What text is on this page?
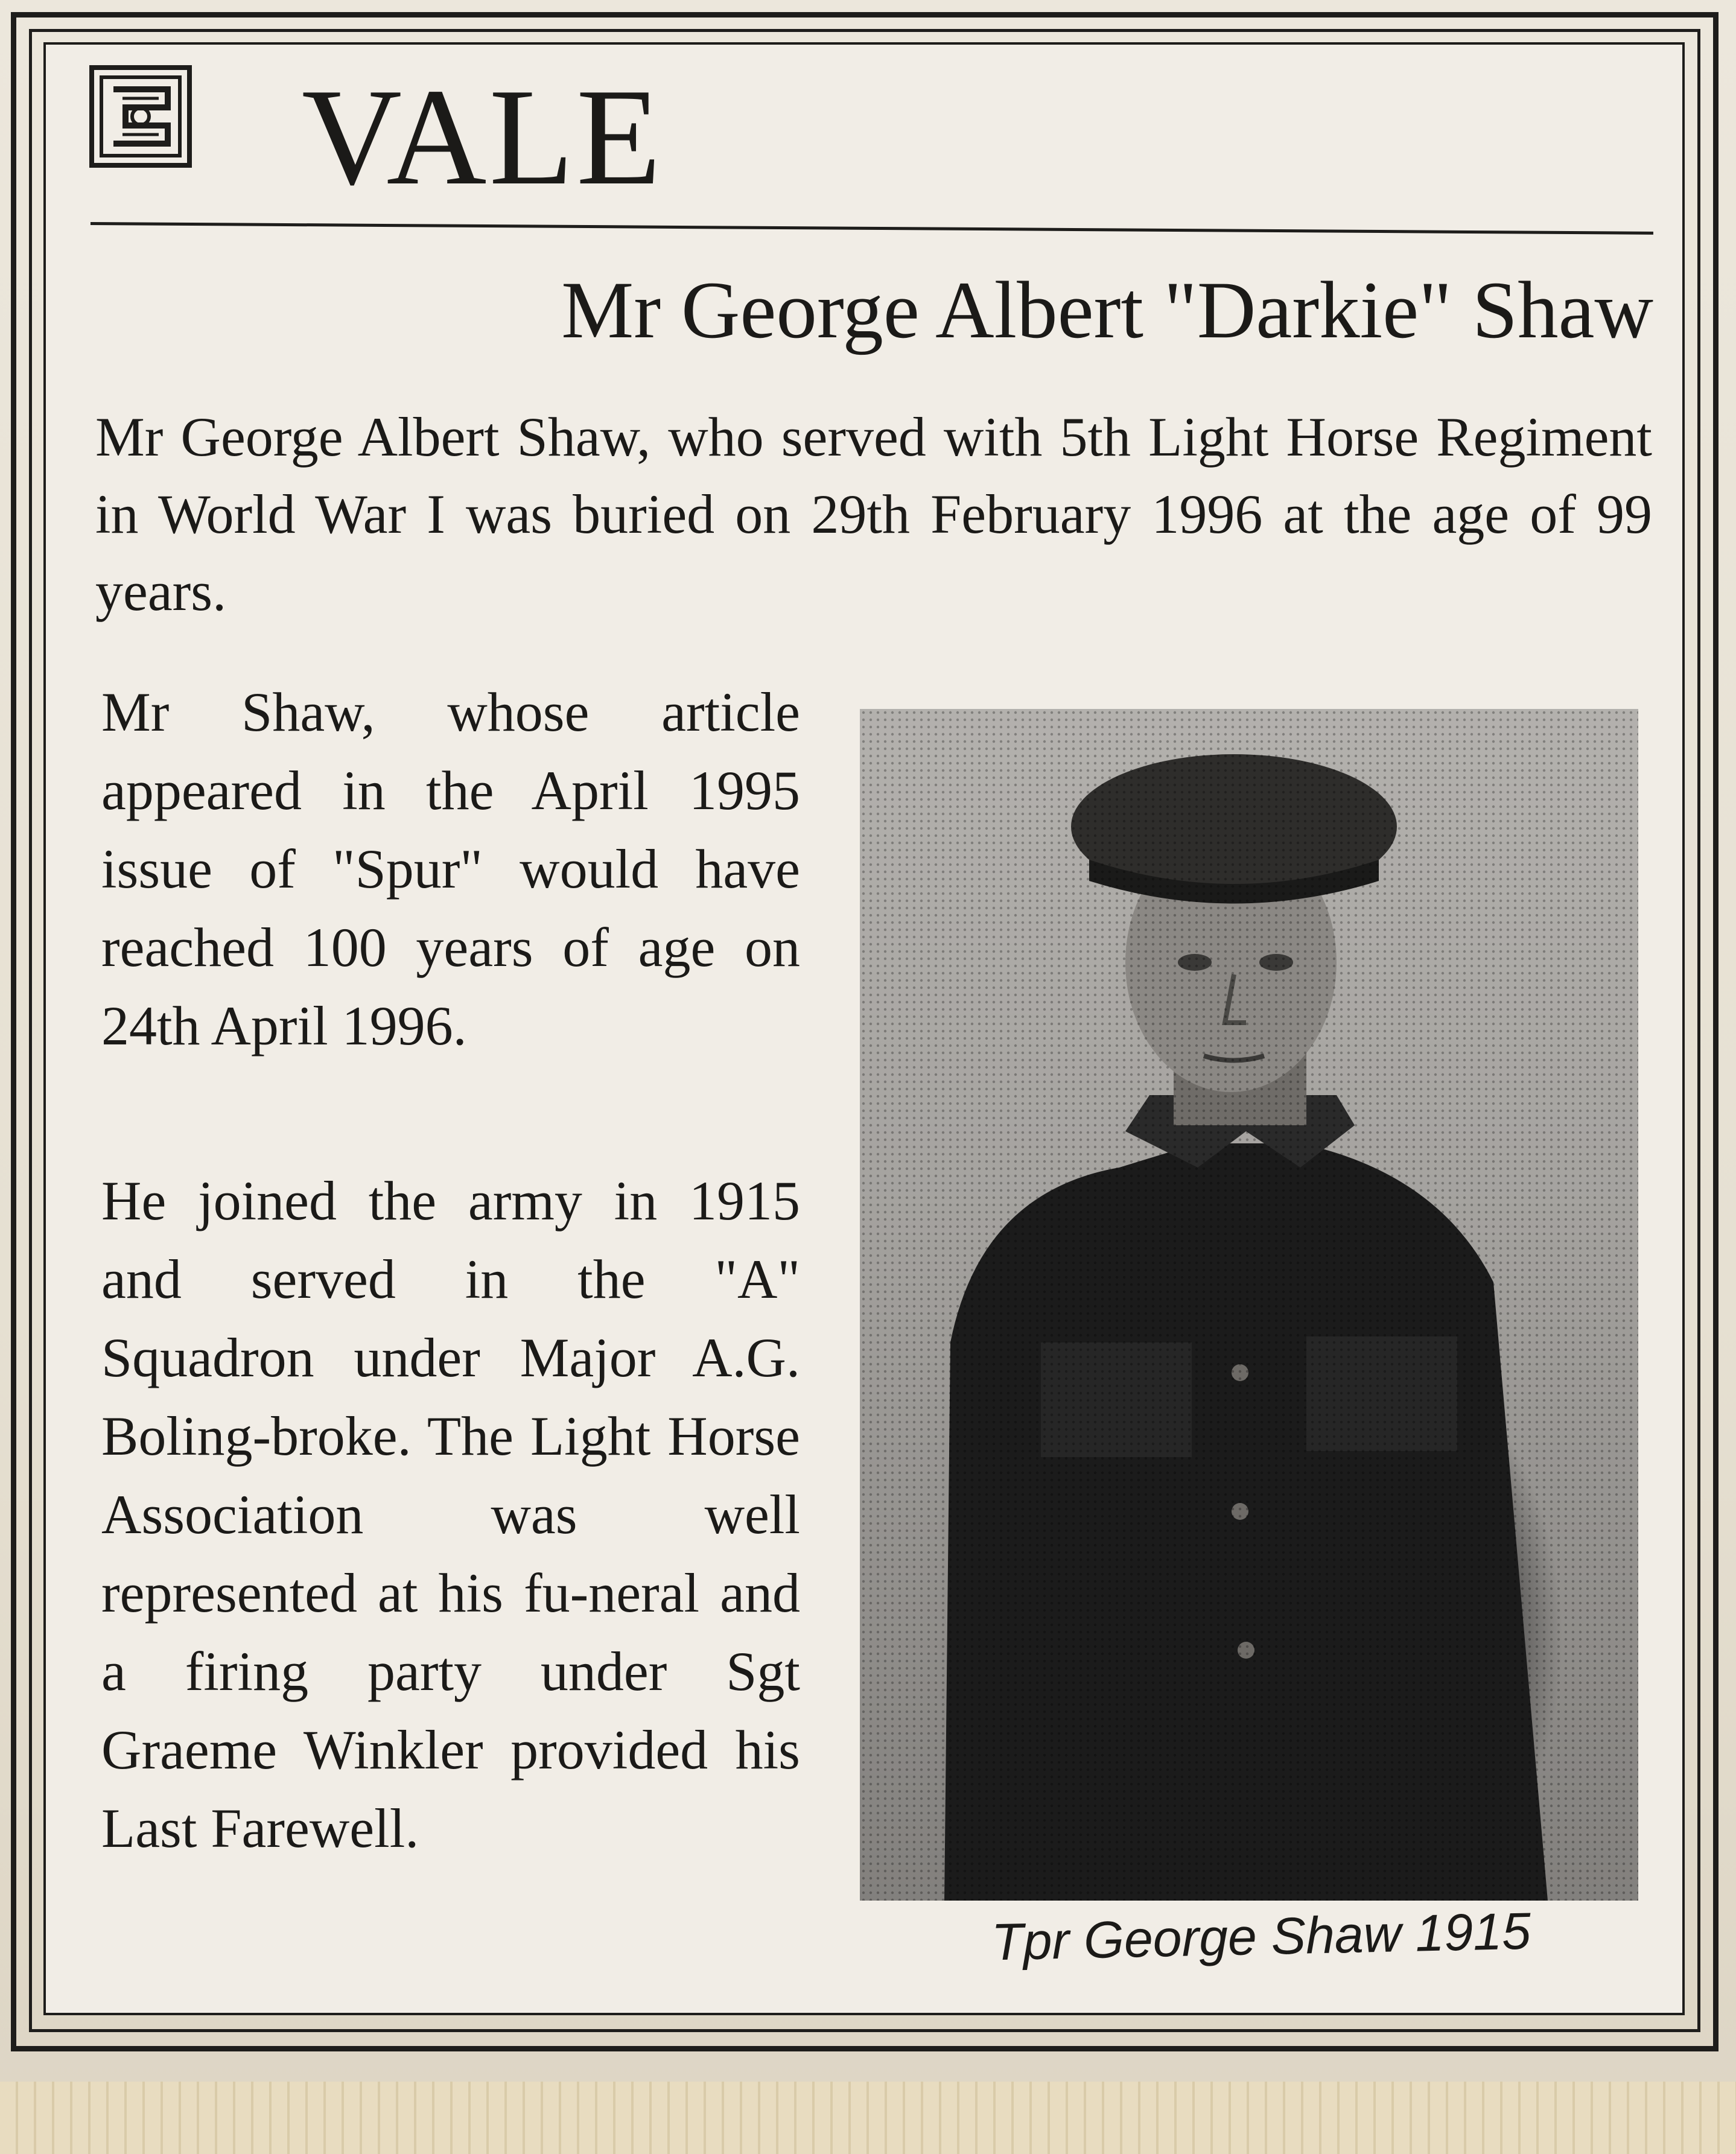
VALE
Mr George Albert "Darkie" Shaw
Mr George Albert Shaw, who served with 5th Light Horse Regiment in World War I was buried on 29th February 1996 at the age of 99 years.
Mr Shaw, whose article appeared in the April 1995 issue of "Spur" would have reached 100 years of age on 24th April 1996.
He joined the army in 1915 and served in the "A" Squadron under Major A.G. Boling-broke. The Light Horse Association was well represented at his fu-neral and a firing party under Sgt Graeme Winkler provided his Last Farewell.
Tpr George Shaw 1915
